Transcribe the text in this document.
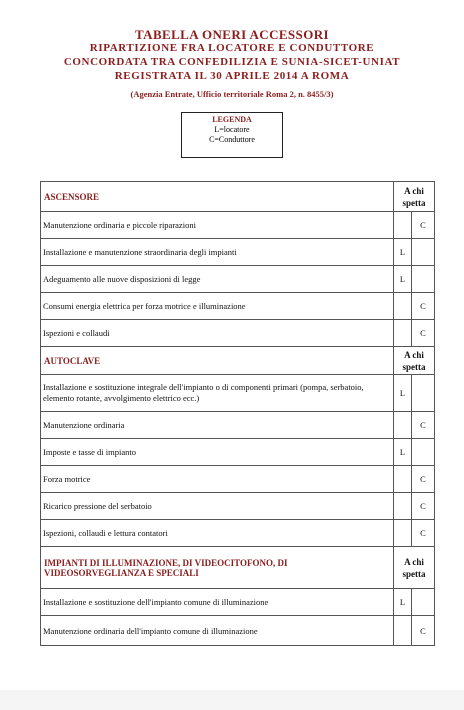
TABELLA ONERI ACCESSORI
RIPARTIZIONE FRA LOCATORE E CONDUTTORE
CONCORDATA TRA CONFEDILIZIA E SUNIA-SICET-UNIAT
REGISTRATA IL 30 APRILE 2014 A ROMA
(Agenzia Entrate, Ufficio territoriale Roma 2, n. 8455/3)
LEGENDA
L=locatore
C=Conduttore
ASCENSORE	A chi spetta	
Manutenzione ordinaria e piccole riparazioni		C
Installazione e manutenzione straordinaria degli impianti	L	
Adeguamento alle nuove disposizioni di legge	L	
Consumi energia elettrica per forza motrice e illuminazione		C
Ispezioni e collaudi		C
AUTOCLAVE	A chi spetta	
Installazione e sostituzione integrale dell'impianto o di componenti primari (pompa, serbatoio, elemento rotante, avvolgimento elettrico ecc.)	L	
Manutenzione ordinaria		C
Imposte e tasse di impianto	L	
Forza motrice		C
Ricarico pressione del serbatoio		C
Ispezioni, collaudi e lettura contatori		C
IMPIANTI DI ILLUMINAZIONE, DI VIDEOCITOFONO, DI VIDEOSORVEGLIANZA E SPECIALI	A chi spetta	
Installazione e sostituzione dell'impianto comune di illuminazione	L	
Manutenzione ordinaria dell'impianto comune di illuminazione		C
